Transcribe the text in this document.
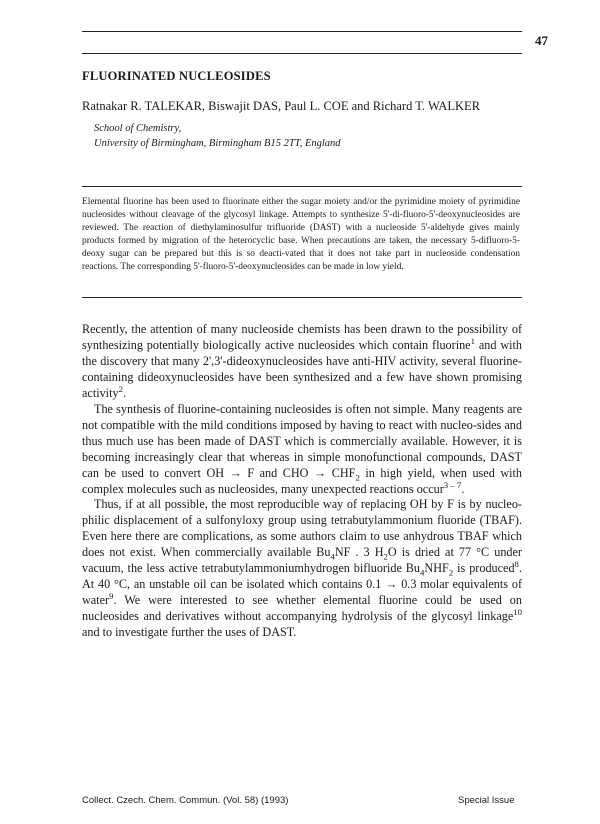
47
FLUORINATED NUCLEOSIDES
Ratnakar R. TALEKAR, Biswajit DAS, Paul L. COE and Richard T. WALKER
School of Chemistry,
University of Birmingham, Birmingham B15 2TT, England

Elemental fluorine has been used to fluorinate either the sugar moiety and/or the pyrimidine moiety of pyrimidine nucleosides without cleavage of the glycosyl linkage. Attempts to synthesize 5'-di-fluoro-5'-deoxynucleosides are reviewed. The reaction of diethylaminosulfur trifluoride (DAST) with a nucleoside 5'-aldehyde gives mainly products formed by migration of the heterocyclic base. When precautions are taken, the necessary 5-difluoro-5-deoxy sugar can be prepared but this is so deacti-vated that it does not take part in nucleoside condensation reactions. The corresponding 5'-fluoro-5'-deoxynucleosides can be made in low yield.

Recently, the attention of many nucleoside chemists has been drawn to the possibility of synthesizing potentially biologically active nucleosides which contain fluorine$^1$ and with the discovery that many 2',3'-dideoxynucleosides have anti-HIV activity, several fluorine-containing dideoxynucleosides have been synthesized and a few have shown promising activity$^2$.

The synthesis of fluorine-containing nucleosides is often not simple. Many reagents are not compatible with the mild conditions imposed by having to react with nucleo-sides and thus much use has been made of DAST which is commercially available. However, it is becoming increasingly clear that whereas in simple monofunctional compounds, DAST can be used to convert OH → F and CHO → $CHF_2$ in high yield, when used with complex molecules such as nucleosides, many unexpected reactions occur$^{3 - 7}$.

Thus, if at all possible, the most reproducible way of replacing OH by F is by nucleo-philic displacement of a sulfonyloxy group using tetrabutylammonium fluoride (TBAF). Even here there are complications, as some authors claim to use anhydrous TBAF which does not exist. When commercially available $Bu_4NF$ . 3 $H_2O$ is dried at 77 °C under vacuum, the less active tetrabutylammoniumhydrogen bifluoride $Bu_4NHF_2$ is produced$^8$. At 40 °C, an unstable oil can be isolated which contains 0.1 → 0.3 molar equivalents of water$^9$. We were interested to see whether elemental fluorine could be used on nucleosides and derivatives without accompanying hydrolysis of the glycosyl linkage$^{10}$ and to investigate further the uses of DAST.

Collect. Czech. Chem. Commun. (Vol. 58) (1993)	Special Issue
